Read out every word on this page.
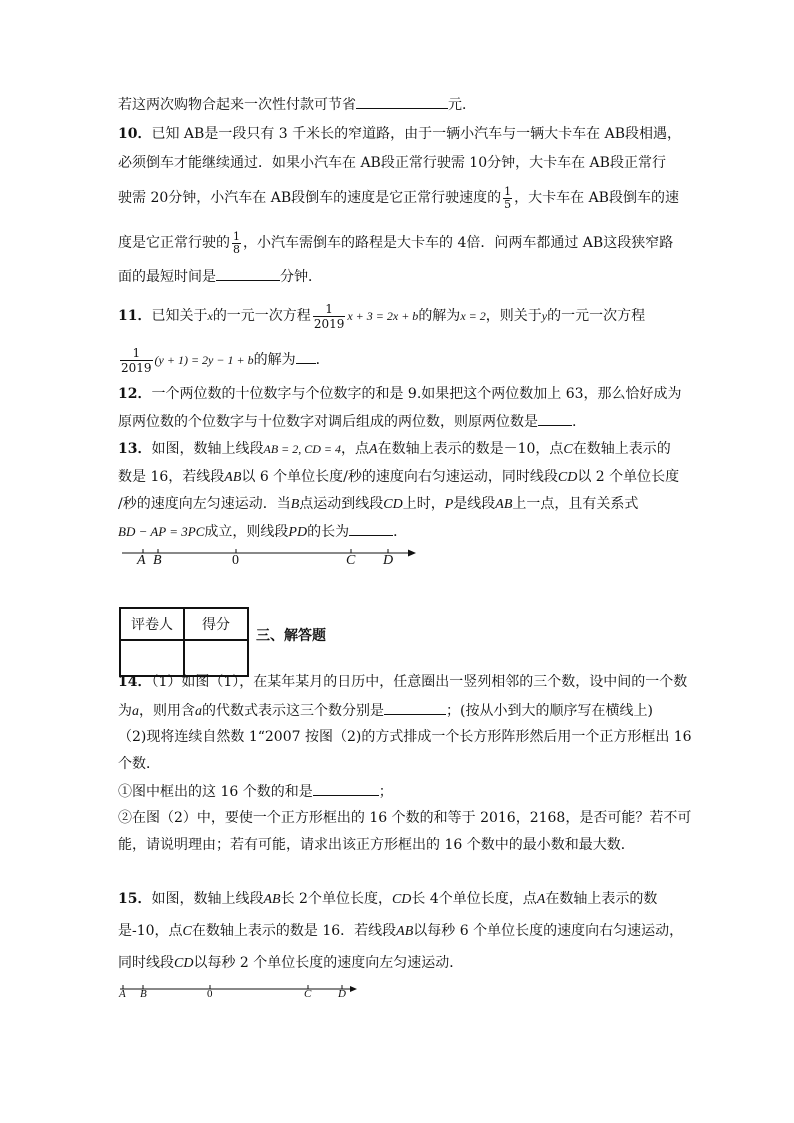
若这两次购物合起来一次性付款可节省	元．
10．已知 AB是一段只有 3 千米长的窄道路，由于一辆小汽车与一辆大卡车在 AB段相遇，
必须倒车才能继续通过．如果小汽车在 AB段正常行驶需 10分钟，大卡车在 AB段正常行
驶需 20分钟，小汽车在 AB段倒车的速度是它正常行驶速度的 $\frac{1}{5}$ ，大卡车在 AB段倒车的速
度是它正常行驶的 $\frac{1}{8}$ ，小汽车需倒车的路程是大卡车的 4倍．问两车都通过 AB这段狭窄路
面的最短时间是	分钟．
11．已知关于x的一元一次方程 $\frac{1}{2019}$ x + 3 = 2x + b的解为x = 2，则关于y的一元一次方程
$\frac{1}{2019} (y + 1) = 2y - 1 + b$的解为 ．
12．一个两位数的十位数字与个位数字的和是 9.如果把这个两位数加上 63，那么恰好成为
原两位数的个位数字与十位数字对调后组成的两位数，则原两位数是 .
13．如图，数轴上线段AB = 2, CD = 4，点A在数轴上表示的数是－10，点C在数轴上表示的
数是 16，若线段AB以 6 个单位长度/秒的速度向右匀速运动，同时线段CD以 2 个单位长度
/秒的速度向左匀速运动．当B点运动到线段CD上时，P是线段AB上一点，且有关系式
BD − AP = 3PC成立，则线段PD的长为	．
A B	0	C D
评卷人	得分

三、解答题
14．（1）如图（1），在某年某月的日历中，任意圈出一竖列相邻的三个数，设中间的一个数
为a，则用含a的代数式表示这三个数分别是	；(按从小到大的顺序写在横线上)
（2)现将连续自然数 1“2007 按图（2)的方式排成一个长方形阵形然后用一个正方形框出 16
个数．
①图中框出的这 16 个数的和是	；
②在图（2）中，要使一个正方形框出的 16 个数的和等于 2016，2168，是否可能？若不可
能，请说明理由；若有可能，请求出该正方形框出的 16 个数中的最小数和最大数．
15．如图，数轴上线段AB长 2个单位长度，CD长 4个单位长度，点A在数轴上表示的数
是-10，点C在数轴上表示的数是 16．若线段AB以每秒 6 个单位长度的速度向右匀速运动，
同时线段CD以每秒 2 个单位长度的速度向左匀速运动．
A B	0	C D
